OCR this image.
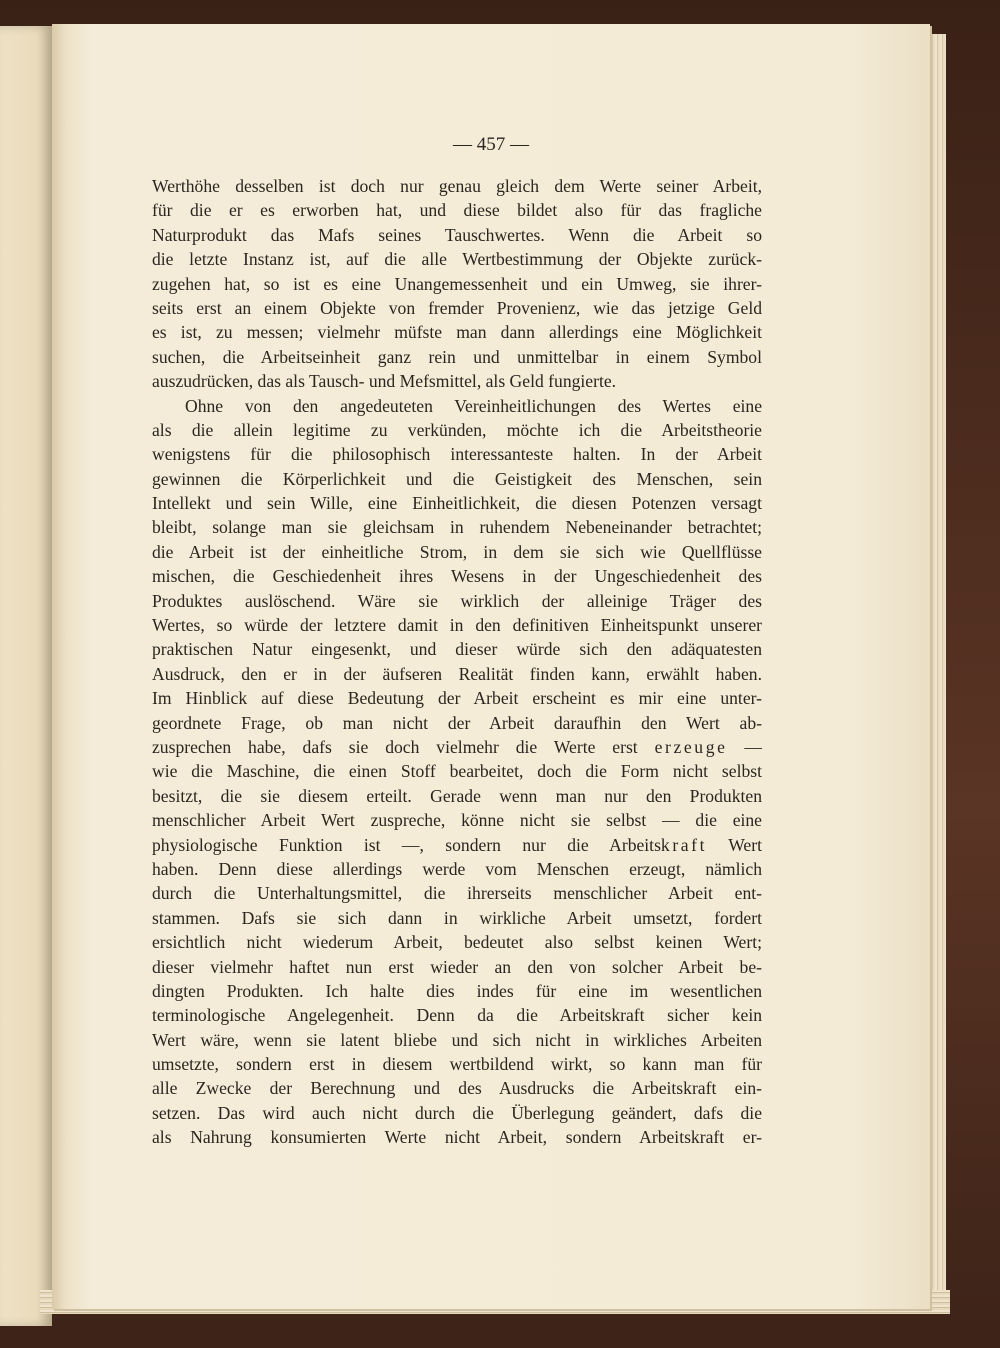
— 457 —
Werthöhe desselben ist doch nur genau gleich dem Werte seiner Arbeit,
für die er es erworben hat, und diese bildet also für das fragliche
Naturprodukt das Mafs seines Tauschwertes. Wenn die Arbeit so
die letzte Instanz ist, auf die alle Wertbestimmung der Objekte zurück-
zugehen hat, so ist es eine Unangemessenheit und ein Umweg, sie ihrer-
seits erst an einem Objekte von fremder Provenienz, wie das jetzige Geld
es ist, zu messen; vielmehr müfste man dann allerdings eine Möglichkeit
suchen, die Arbeitseinheit ganz rein und unmittelbar in einem Symbol
auszudrücken, das als Tausch- und Mefsmittel, als Geld fungierte.
Ohne von den angedeuteten Vereinheitlichungen des Wertes eine
als die allein legitime zu verkünden, möchte ich die Arbeitstheorie
wenigstens für die philosophisch interessanteste halten. In der Arbeit
gewinnen die Körperlichkeit und die Geistigkeit des Menschen, sein
Intellekt und sein Wille, eine Einheitlichkeit, die diesen Potenzen versagt
bleibt, solange man sie gleichsam in ruhendem Nebeneinander betrachtet;
die Arbeit ist der einheitliche Strom, in dem sie sich wie Quellflüsse
mischen, die Geschiedenheit ihres Wesens in der Ungeschiedenheit des
Produktes auslöschend. Wäre sie wirklich der alleinige Träger des
Wertes, so würde der letztere damit in den definitiven Einheitspunkt unserer
praktischen Natur eingesenkt, und dieser würde sich den adäquatesten
Ausdruck, den er in der äufseren Realität finden kann, erwählt haben.
Im Hinblick auf diese Bedeutung der Arbeit erscheint es mir eine unter-
geordnete Frage, ob man nicht der Arbeit daraufhin den Wert ab-
zusprechen habe, dafs sie doch vielmehr die Werte erst erzeuge —
wie die Maschine, die einen Stoff bearbeitet, doch die Form nicht selbst
besitzt, die sie diesem erteilt. Gerade wenn man nur den Produkten
menschlicher Arbeit Wert zuspreche, könne nicht sie selbst — die eine
physiologische Funktion ist —, sondern nur die Arbeitskraft Wert
haben. Denn diese allerdings werde vom Menschen erzeugt, nämlich
durch die Unterhaltungsmittel, die ihrerseits menschlicher Arbeit ent-
stammen. Dafs sie sich dann in wirkliche Arbeit umsetzt, fordert
ersichtlich nicht wiederum Arbeit, bedeutet also selbst keinen Wert;
dieser vielmehr haftet nun erst wieder an den von solcher Arbeit be-
dingten Produkten. Ich halte dies indes für eine im wesentlichen
terminologische Angelegenheit. Denn da die Arbeitskraft sicher kein
Wert wäre, wenn sie latent bliebe und sich nicht in wirkliches Arbeiten
umsetzte, sondern erst in diesem wertbildend wirkt, so kann man für
alle Zwecke der Berechnung und des Ausdrucks die Arbeitskraft ein-
setzen. Das wird auch nicht durch die Überlegung geändert, dafs die
als Nahrung konsumierten Werte nicht Arbeit, sondern Arbeitskraft er-
